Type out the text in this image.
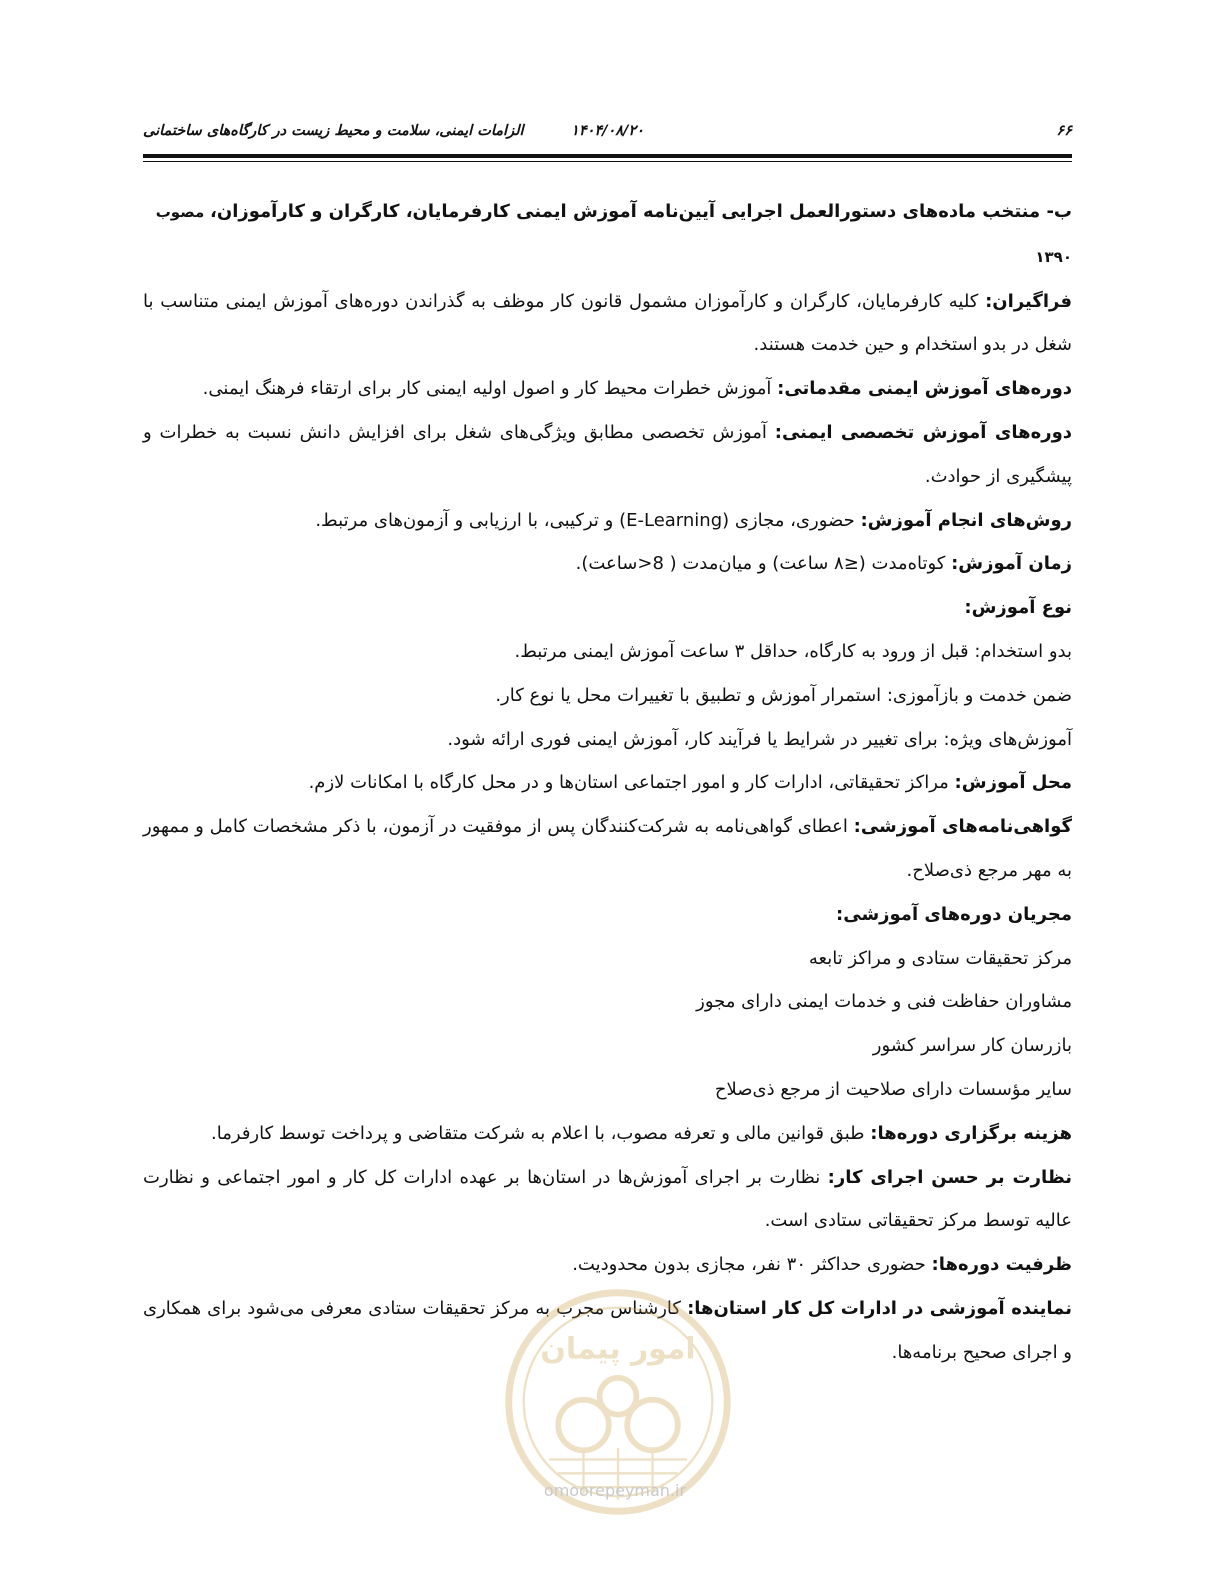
۶۶
۱۴۰۴/۰۸/۲۰
الزامات ایمنی، سلامت و محیط زیست در کارگاه‌های ساختمانی

ب- منتخب ماده‌های دستورالعمل اجرایی آیین‌نامه آموزش ایمنی کارفرمایان، کارگران و کارآموزان، مصوب ۱۳۹۰

فراگیران: کلیه کارفرمایان، کارگران و کارآموزان مشمول قانون کار موظف به گذراندن دوره‌های آموزش ایمنی متناسب با شغل در بدو استخدام و حین خدمت هستند.

دوره‌های آموزش ایمنی مقدماتی: آموزش خطرات محیط کار و اصول اولیه ایمنی کار برای ارتقاء فرهنگ ایمنی.

دوره‌های آموزش تخصصی ایمنی: آموزش تخصصی مطابق ویژگی‌های شغل برای افزایش دانش نسبت به خطرات و پیشگیری از حوادث.

روش‌های انجام آموزش: حضوری، مجازی (E-Learning) و ترکیبی، با ارزیابی و آزمون‌های مرتبط.

زمان آموزش: کوتاه‌مدت (≤۸ ساعت) و میان‌مدت ( 8<ساعت).

نوع آموزش:

بدو استخدام: قبل از ورود به کارگاه، حداقل ۳ ساعت آموزش ایمنی مرتبط.

ضمن خدمت و بازآموزی: استمرار آموزش و تطبیق با تغییرات محل یا نوع کار.

آموزش‌های ویژه: برای تغییر در شرایط یا فرآیند کار، آموزش ایمنی فوری ارائه شود.

محل آموزش: مراکز تحقیقاتی، ادارات کار و امور اجتماعی استان‌ها و در محل کارگاه با امکانات لازم.

گواهی‌نامه‌های آموزشی: اعطای گواهی‌نامه به شرکت‌کنندگان پس از موفقیت در آزمون، با ذکر مشخصات کامل و ممهور به مهر مرجع ذی‌صلاح.

مجریان دوره‌های آموزشی:

مرکز تحقیقات ستادی و مراکز تابعه

مشاوران حفاظت فنی و خدمات ایمنی دارای مجوز

بازرسان کار سراسر کشور

سایر مؤسسات دارای صلاحیت از مرجع ذی‌صلاح

هزینه برگزاری دوره‌ها: طبق قوانین مالی و تعرفه مصوب، با اعلام به شرکت متقاضی و پرداخت توسط کارفرما.

نظارت بر حسن اجرای کار: نظارت بر اجرای آموزش‌ها در استان‌ها بر عهده ادارات کل کار و امور اجتماعی و نظارت عالیه توسط مرکز تحقیقاتی ستادی است.

ظرفیت دوره‌ها: حضوری حداکثر ۳۰ نفر، مجازی بدون محدودیت.

نماینده آموزشی در ادارات کل کار استان‌ها: کارشناس مجرب به مرکز تحقیقات ستادی معرفی می‌شود برای همکاری و اجرای صحیح برنامه‌ها.

امور پیمان
omoorepeyman.ir
